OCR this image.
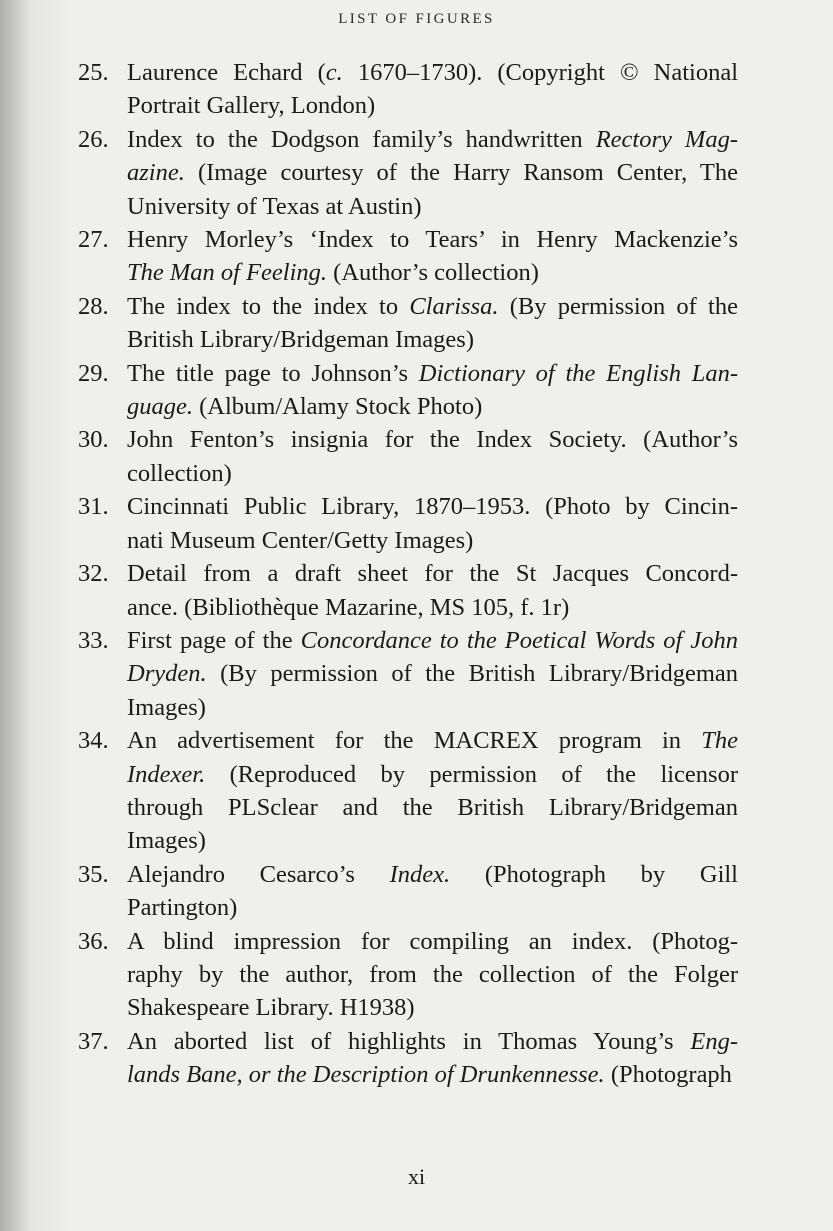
LIST OF FIGURES
25. Laurence Echard (c. 1670–1730). (Copyright © National
Portrait Gallery, London)
26. Index to the Dodgson family’s handwritten Rectory Mag-
azine. (Image courtesy of the Harry Ransom Center, The
University of Texas at Austin)
27. Henry Morley’s ‘Index to Tears’ in Henry Mackenzie’s
The Man of Feeling. (Author’s collection)
28. The index to the index to Clarissa. (By permission of the
British Library/Bridgeman Images)
29. The title page to Johnson’s Dictionary of the English Lan-
guage. (Album/Alamy Stock Photo)
30. John Fenton’s insignia for the Index Society. (Author’s
collection)
31. Cincinnati Public Library, 1870–1953. (Photo by Cincin-
nati Museum Center/Getty Images)
32. Detail from a draft sheet for the St Jacques Concord-
ance. (Bibliothèque Mazarine, MS 105, f. 1r)
33. First page of the Concordance to the Poetical Words of John
Dryden. (By permission of the British Library/Bridgeman
Images)
34. An advertisement for the MACREX program in The
Indexer. (Reproduced by permission of the licensor
through PLSclear and the British Library/Bridgeman
Images)
35. Alejandro Cesarco’s Index. (Photograph by Gill
Partington)
36. A blind impression for compiling an index. (Photog-
raphy by the author, from the collection of the Folger
Shakespeare Library. H1938)
37. An aborted list of highlights in Thomas Young’s Eng-
lands Bane, or the Description of Drunkennesse. (Photograph
xi
